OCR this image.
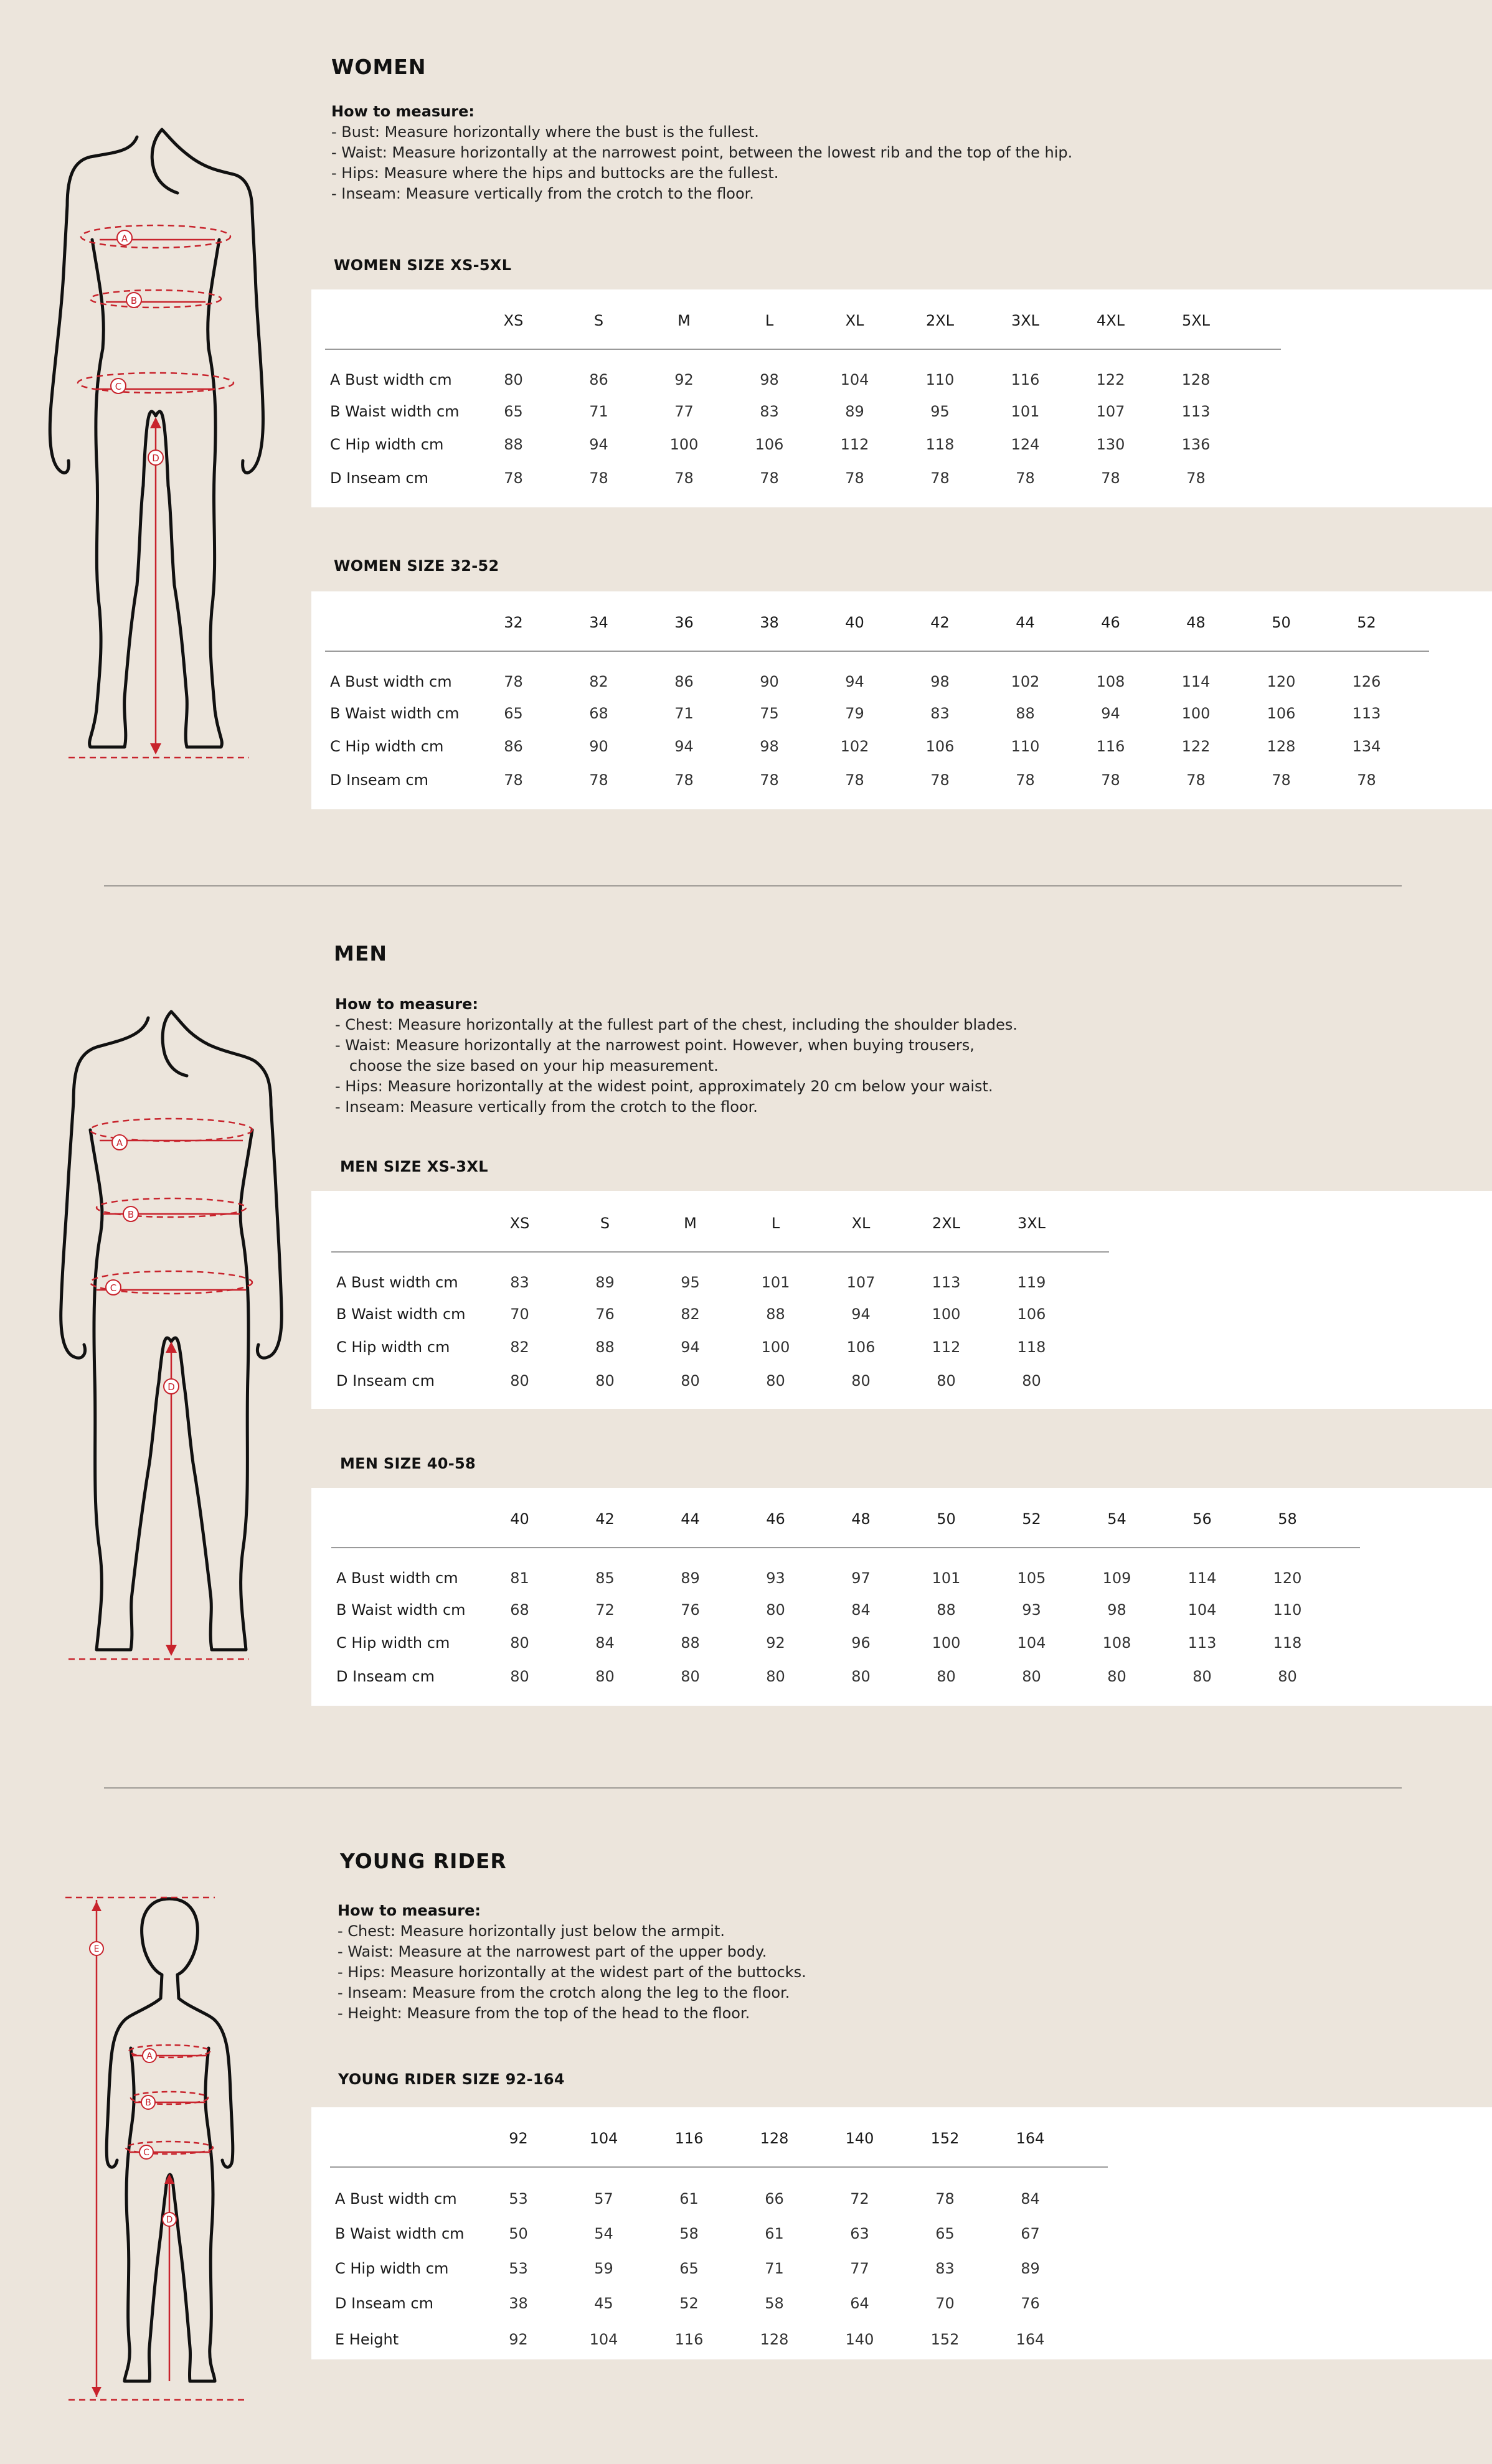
WOMEN
How to measure:
- Bust: Measure horizontally where the bust is the fullest.
- Waist: Measure horizontally at the narrowest point, between the lowest rib and the top of the hip.
- Hips: Measure where the hips and buttocks are the fullest.
- Inseam: Measure vertically from the crotch to the floor.
WOMEN SIZE XS-5XL
	XS	S	M	L	XL	2XL	3XL	4XL	5XL	

A Bust width cm	80	86	92	98	104	110	116	122	128	
B Waist width cm	65	71	77	83	89	95	101	107	113	
C Hip width cm	88	94	100	106	112	118	124	130	136	
D Inseam cm	78	78	78	78	78	78	78	78	78	
WOMEN SIZE 32-52
	32	34	36	38	40	42	44	46	48	50	52	

A Bust width cm	78	82	86	90	94	98	102	108	114	120	126	
B Waist width cm	65	68	71	75	79	83	88	94	100	106	113	
C Hip width cm	86	90	94	98	102	106	110	116	122	128	134	
D Inseam cm	78	78	78	78	78	78	78	78	78	78	78	
A
B
C
D
MEN
How to measure:
- Chest: Measure horizontally at the fullest part of the chest, including the shoulder blades.
- Waist: Measure horizontally at the narrowest point. However, when buying trousers,
choose the size based on your hip measurement.
- Hips: Measure horizontally at the widest point, approximately 20 cm below your waist.
- Inseam: Measure vertically from the crotch to the floor.
MEN SIZE XS-3XL
	XS	S	M	L	XL	2XL	3XL	

A Bust width cm	83	89	95	101	107	113	119	
B Waist width cm	70	76	82	88	94	100	106	
C Hip width cm	82	88	94	100	106	112	118	
D Inseam cm	80	80	80	80	80	80	80	
MEN SIZE 40-58
	40	42	44	46	48	50	52	54	56	58	

A Bust width cm	81	85	89	93	97	101	105	109	114	120	
B Waist width cm	68	72	76	80	84	88	93	98	104	110	
C Hip width cm	80	84	88	92	96	100	104	108	113	118	
D Inseam cm	80	80	80	80	80	80	80	80	80	80	
A
B
C
D
YOUNG RIDER
How to measure:
- Chest: Measure horizontally just below the armpit.
- Waist: Measure at the narrowest part of the upper body.
- Hips: Measure horizontally at the widest part of the buttocks.
- Inseam: Measure from the crotch along the leg to the floor.
- Height: Measure from the top of the head to the floor.
YOUNG RIDER SIZE 92-164
	92	104	116	128	140	152	164	

A Bust width cm	53	57	61	66	72	78	84	
B Waist width cm	50	54	58	61	63	65	67	
C Hip width cm	53	59	65	71	77	83	89	
D Inseam cm	38	45	52	58	64	70	76	
E Height	92	104	116	128	140	152	164	
E
A
B
C
D
